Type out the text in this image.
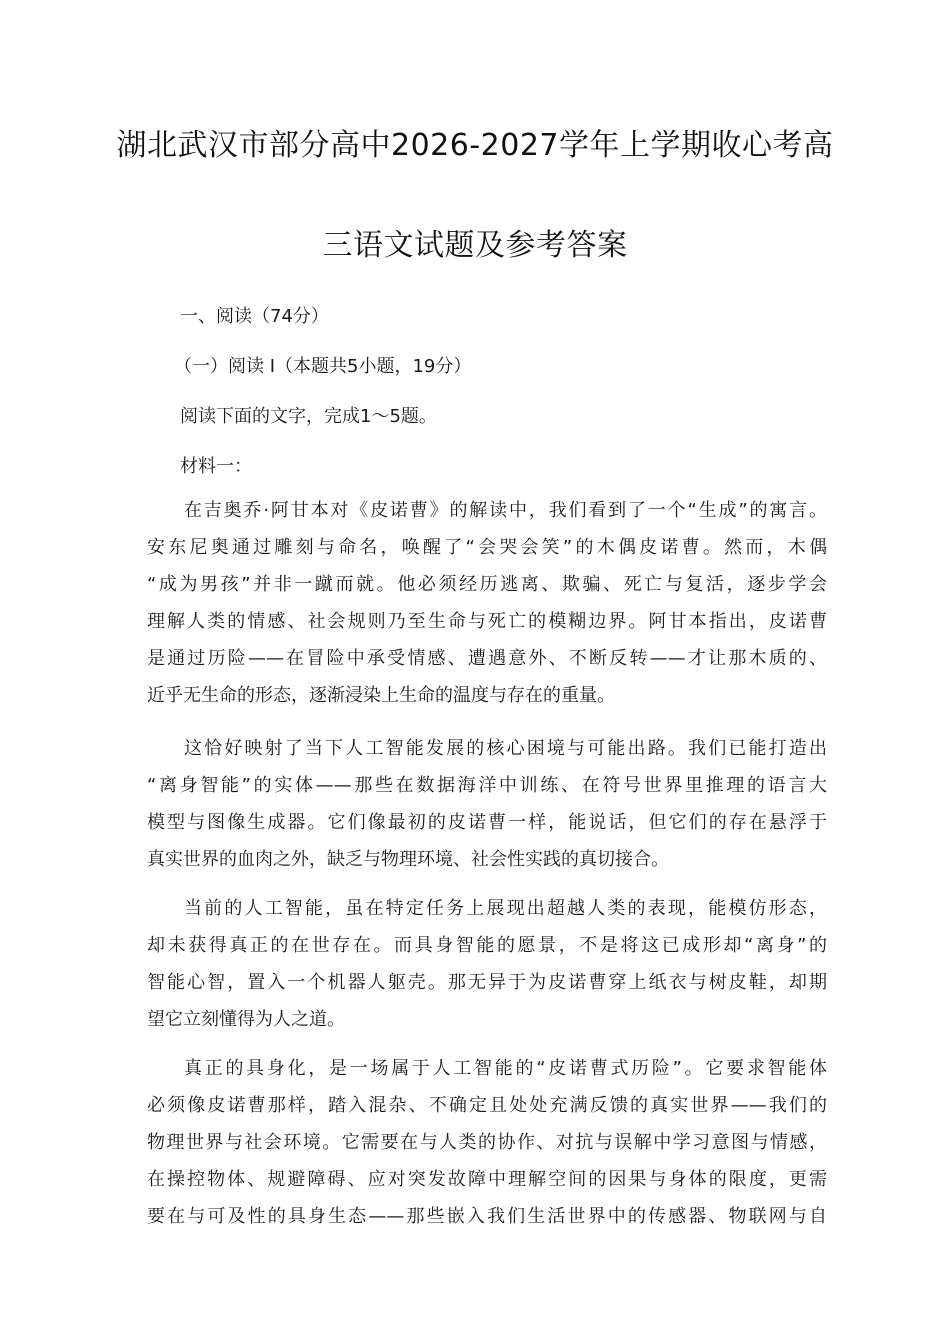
湖北武汉市部分高中2026-2027学年上学期收心考高
三语文试题及参考答案

一、阅读（74分）

（一）阅读 I（本题共5小题，19分）

阅读下面的文字，完成1～5题。

材料一：

在吉奥乔·阿甘本对《皮诺曹》的解读中，我们看到了一个“生成”的寓言。
安东尼奥通过雕刻与命名，唤醒了“会哭会笑”的木偶皮诺曹。然而，木偶
“成为男孩”并非一蹴而就。他必须经历逃离、欺骗、死亡与复活，逐步学会
理解人类的情感、社会规则乃至生命与死亡的模糊边界。阿甘本指出，皮诺曹
是通过历险——在冒险中承受情感、遭遇意外、不断反转——才让那木质的、
近乎无生命的形态，逐渐浸染上生命的温度与存在的重量。
这恰好映射了当下人工智能发展的核心困境与可能出路。我们已能打造出
“离身智能”的实体——那些在数据海洋中训练、在符号世界里推理的语言大
模型与图像生成器。它们像最初的皮诺曹一样，能说话，但它们的存在悬浮于
真实世界的血肉之外，缺乏与物理环境、社会性实践的真切接合。
当前的人工智能，虽在特定任务上展现出超越人类的表现，能模仿形态，
却未获得真正的在世存在。而具身智能的愿景，不是将这已成形却“离身”的
智能心智，置入一个机器人躯壳。那无异于为皮诺曹穿上纸衣与树皮鞋，却期
望它立刻懂得为人之道。
真正的具身化，是一场属于人工智能的“皮诺曹式历险”。它要求智能体
必须像皮诺曹那样，踏入混杂、不确定且处处充满反馈的真实世界——我们的
物理世界与社会环境。它需要在与人类的协作、对抗与误解中学习意图与情感，
在操控物体、规避障碍、应对突发故障中理解空间的因果与身体的限度，更需
要在与可及性的具身生态——那些嵌入我们生活世界中的传感器、物联网与自
